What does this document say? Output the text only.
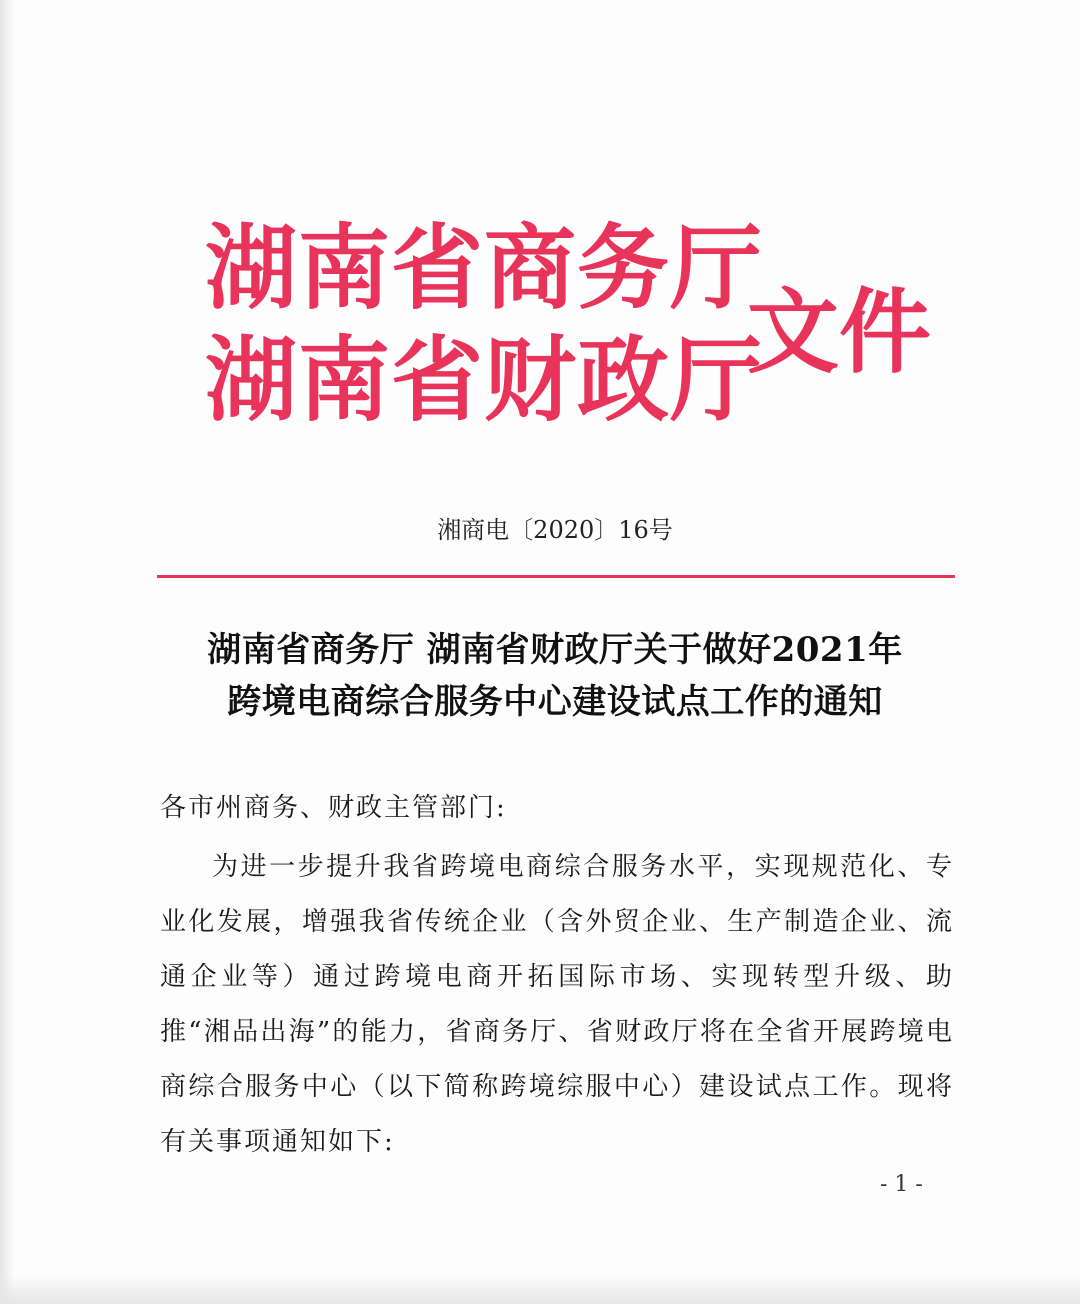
湖南省商务厅
湖南省财政厅
文件
湘商电〔2020〕16号
湖南省商务厅 湖南省财政厅关于做好2021年
跨境电商综合服务中心建设试点工作的通知
各市州商务、财政主管部门:

为进一步提升我省跨境电商综合服务水平，实现规范化、专业化发展，增强我省传统企业（含外贸企业、生产制造企业、流通企业等）通过跨境电商开拓国际市场、实现转型升级、助推“湘品出海”的能力，省商务厅、省财政厅将在全省开展跨境电商综合服务中心（以下简称跨境综服中心）建设试点工作。现将有关事项通知如下:

- 1 -
